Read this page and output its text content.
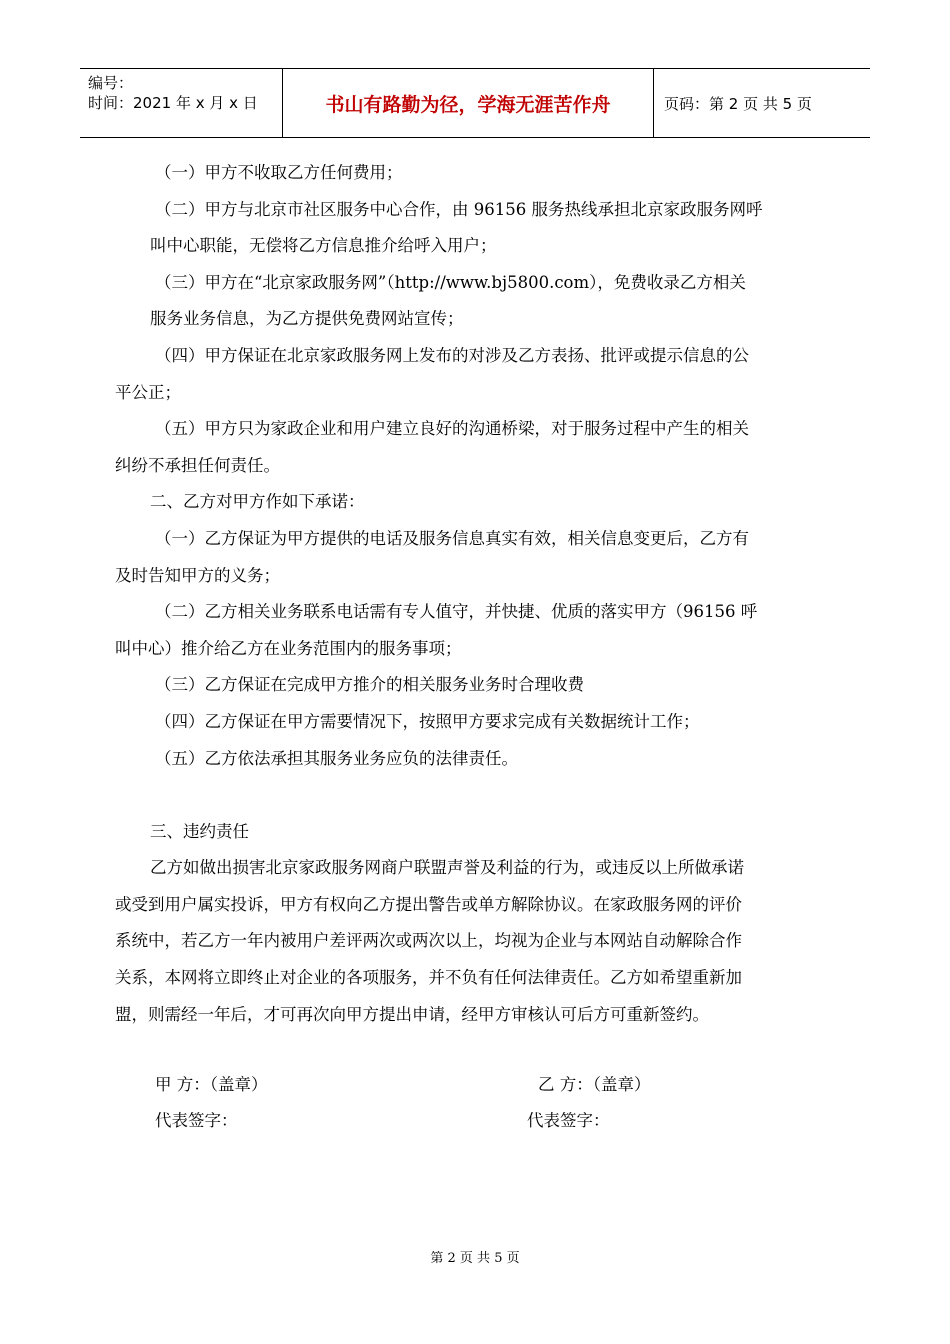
编号：
时间：2021 年 x 月 x 日	书山有路勤为径，学海无涯苦作舟	页码：第 2 页 共 5 页
（一）甲方不收取乙方任何费用；
（二）甲方与北京市社区服务中心合作，由 96156 服务热线承担北京家政服务网呼
叫中心职能，无偿将乙方信息推介给呼入用户；
（三）甲方在“北京家政服务网”（http://www.bj5800.com），免费收录乙方相关
服务业务信息，为乙方提供免费网站宣传；
（四）甲方保证在北京家政服务网上发布的对涉及乙方表扬、批评或提示信息的公
平公正；
（五）甲方只为家政企业和用户建立良好的沟通桥梁，对于服务过程中产生的相关
纠纷不承担任何责任。
二、乙方对甲方作如下承诺：
（一）乙方保证为甲方提供的电话及服务信息真实有效，相关信息变更后，乙方有
及时告知甲方的义务；
（二）乙方相关业务联系电话需有专人值守，并快捷、优质的落实甲方（96156 呼
叫中心）推介给乙方在业务范围内的服务事项；
（三）乙方保证在完成甲方推介的相关服务业务时合理收费
（四）乙方保证在甲方需要情况下，按照甲方要求完成有关数据统计工作；
（五）乙方依法承担其服务业务应负的法律责任。
三、违约责任
乙方如做出损害北京家政服务网商户联盟声誉及利益的行为，或违反以上所做承诺
或受到用户属实投诉，甲方有权向乙方提出警告或单方解除协议。在家政服务网的评价
系统中，若乙方一年内被用户差评两次或两次以上，均视为企业与本网站自动解除合作
关系，本网将立即终止对企业的各项服务，并不负有任何法律责任。乙方如希望重新加
盟，则需经一年后，才可再次向甲方提出申请，经甲方审核认可后方可重新签约。
甲 方：（盖章）	乙 方：（盖章）
代表签字：	代表签字：
第 2 页 共 5 页
